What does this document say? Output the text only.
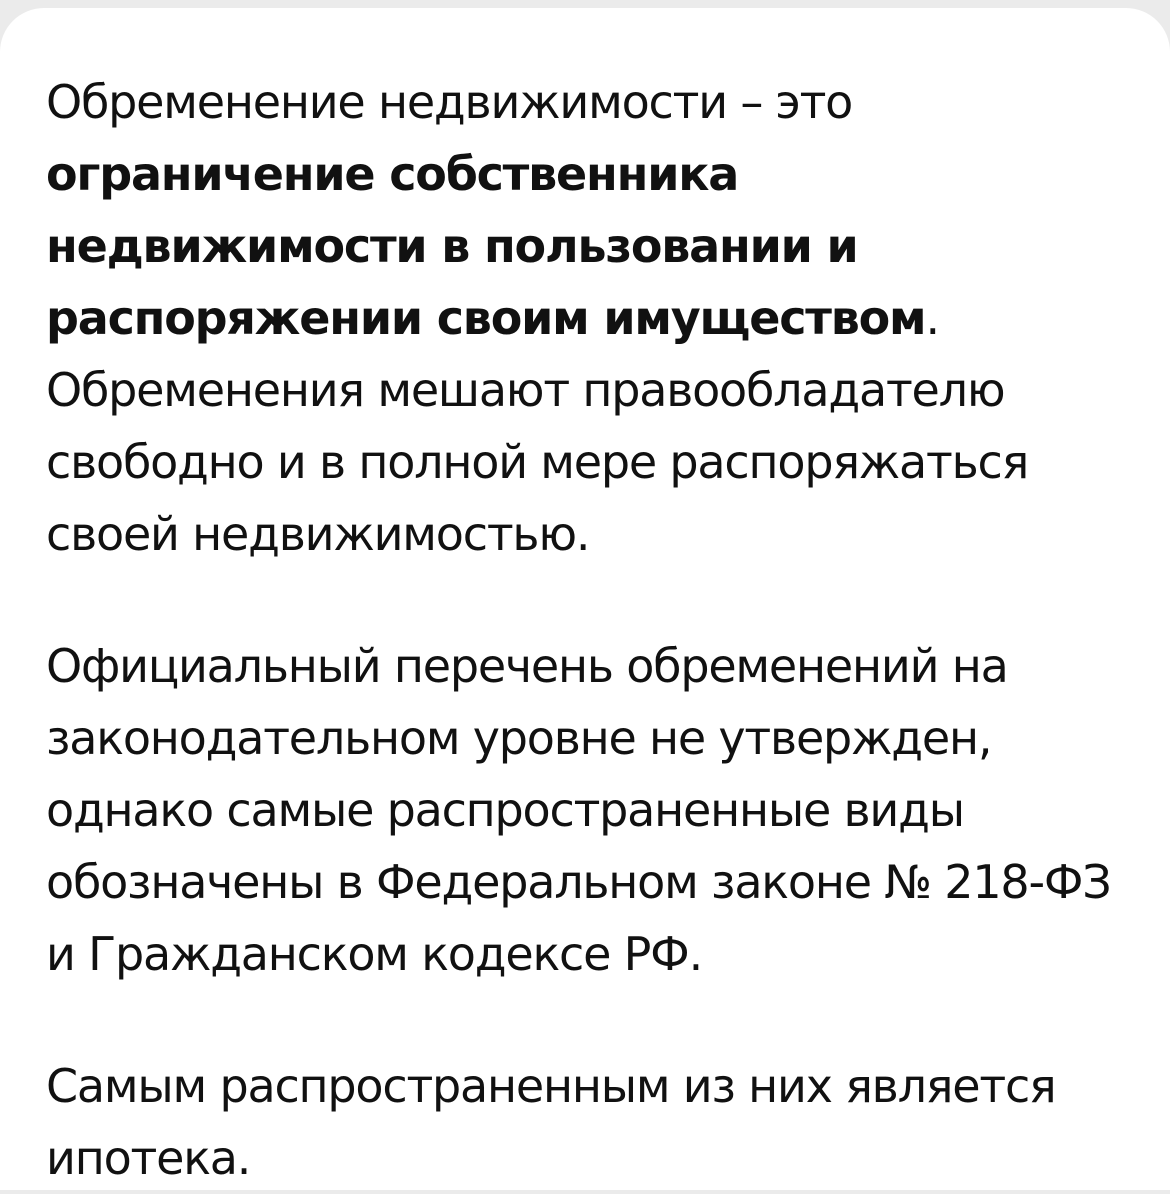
Обременение недвижимости – это ограничение собственника недвижимости в пользовании и распоряжении своим имуществом. Обременения мешают правообладателю свободно и в полной мере распоряжаться своей недвижимостью.

Официальный перечень обременений на законодательном уровне не утвержден, однако самые распространенные виды обозначены в Федеральном законе № 218-ФЗ и Гражданском кодексе РФ.

Самым распространенным из них является ипотека.
